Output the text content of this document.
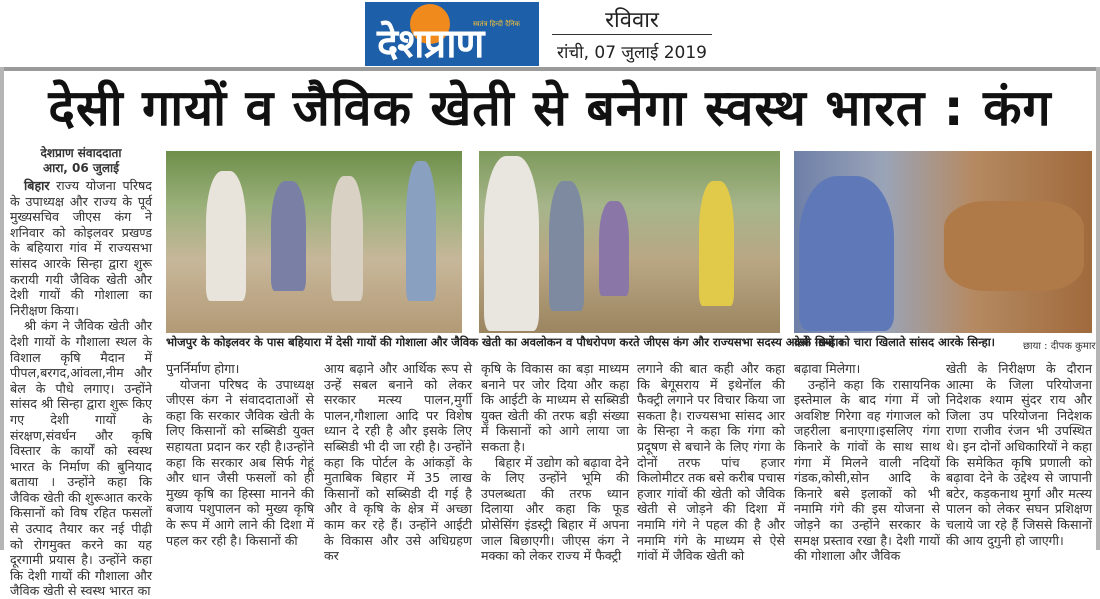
देशप्राण
स्वतंत्र हिन्दी दैनिक	रविवार
रांची, 07 जुलाई 2019
देसी गायों व जैविक खेती से बनेगा स्वस्थ भारत : कंग
देशप्राण संवाददाता
आरा, 06 जुलाई

बिहार राज्य योजना परिषद के उपाध्यक्ष और राज्य के पूर्व मुख्यसचिव जीएस कंग ने शनिवार को कोइलवर प्रखण्ड के बहियारा गांव में राज्यसभा सांसद आरके सिन्हा द्वारा शुरू करायी गयी जैविक खेती और देशी गायों की गोशाला का निरीक्षण किया।

श्री कंग ने जैविक खेती और देशी गायों के गौशाला स्थल के विशाल कृषि मैदान में पीपल,बरगद,आंवला,नीम और बेल के पौधे लगाए। उन्होंने सांसद श्री सिन्हा द्वारा शुरू किए गए देशी गायों के संरक्षण,संवर्धन और कृषि विस्तार के कार्यों को स्वस्थ भारत के निर्माण की बुनियाद बताया । उन्होंने कहा कि जैविक खेती की शुरूआत करके किसानों को विष रहित फसलों से उत्पाद तैयार कर नई पीढ़ी को रोगमुक्त करने का यह दूरगामी प्रयास है। उन्होंने कहा कि देशी गायों की गौशाला और जैविक खेती से स्वस्थ भारत का

भोजपुर के कोइलवर के पास बहियारा में देसी गायों की गोशाला और जैविक खेती का अवलोकन व पौधरोपण करते जीएस कंग और राज्यसभा सदस्य आरके सिन्हा।
देसी गायों को चारा खिलाते सांसद आरके सिन्हा।	छाया : दीपक कुमार

पुनर्निर्माण होगा।

योजना परिषद के उपाध्यक्ष जीएस कंग ने संवाददाताओं से कहा कि सरकार जैविक खेती के लिए किसानों को सब्सिडी युक्त सहायता प्रदान कर रही है।उन्होंने कहा कि सरकार अब सिर्फ गेहूं और धान जैसी फसलों को ही मुख्य कृषि का हिस्सा मानने की बजाय पशुपालन को मुख्य कृषि के रूप में आगे लाने की दिशा में पहल कर रही है। किसानों की

आय बढ़ाने और आर्थिक रूप से उन्हें सबल बनाने को लेकर सरकार मत्स्य पालन,मुर्गी पालन,गौशाला आदि पर विशेष ध्यान दे रही है और इसके लिए सब्सिडी भी दी जा रही है। उन्होंने कहा कि पोर्टल के आंकड़ों के मुताबिक बिहार में 35 लाख किसानों को सब्सिडी दी गई है और वे कृषि के क्षेत्र में अच्छा काम कर रहे हैं। उन्होंने आईटी के विकास और उसे अधिग्रहण कर

कृषि के विकास का बड़ा माध्यम बनाने पर जोर दिया और कहा कि आईटी के माध्यम से सब्सिडी युक्त खेती की तरफ बड़ी संख्या में किसानों को आगे लाया जा सकता है।

बिहार में उद्योग को बढ़ावा देने के लिए उन्होंने भूमि की उपलब्धता की तरफ ध्यान दिलाया और कहा कि फूड प्रोसेसिंग इंडस्ट्री बिहार में अपना जाल बिछाएगी। जीएस कंग ने मक्का को लेकर राज्य में फैक्ट्री

लगाने की बात कही और कहा कि बेगूसराय में इथेनॉल की फैक्ट्री लगाने पर विचार किया जा सकता है। राज्यसभा सांसद आर के सिन्हा ने कहा कि गंगा को प्रदूषण से बचाने के लिए गंगा के दोनों तरफ पांच हजार किलोमीटर तक बसे करीब पचास हजार गांवों की खेती को जैविक खेती से जोड़ने की दिशा में नमामि गंगे ने पहल की है और नमामि गंगे के माध्यम से ऐसे गांवों में जैविक खेती को

बढ़ावा मिलेगा।

उन्होंने कहा कि रासायनिक इस्तेमाल के बाद गंगा में जो अवशिष्ट गिरेगा वह गंगाजल को जहरीला बनाएगा।इसलिए गंगा किनारे के गांवों के साथ साथ गंगा में मिलने वाली नदियों गंडक,कोसी,सोन आदि के किनारे बसे इलाकों को भी नमामि गंगे की इस योजना से जोड़ने का उन्होंने सरकार के समक्ष प्रस्ताव रखा है। देशी गायों की गोशाला और जैविक

खेती के निरीक्षण के दौरान आत्मा के जिला परियोजना निदेशक श्याम सुंदर राय और जिला उप परियोजना निदेशक राणा राजीव रंजन भी उपस्थित थे। इन दोनों अधिकारियों ने कहा कि समेकित कृषि प्रणाली को बढ़ावा देने के उद्देश्य से जापानी बटेर, कड़कनाथ मुर्गा और मत्स्य पालन को लेकर सघन प्रशिक्षण चलाये जा रहे हैं जिससे किसानों की आय दुगुनी हो जाएगी।
